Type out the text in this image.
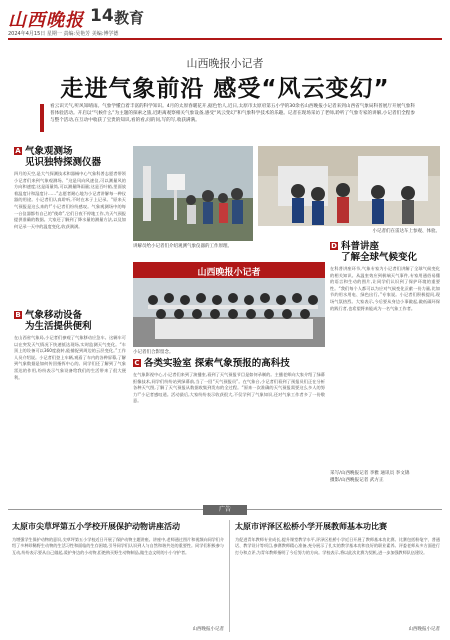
山西晚报 14 教育
2024年4月15日 星期一 责编:吴艳芳 美编:傅学德
山西晚报小记者
走进气象前沿 感受“风云变幻”
看云识天气,听风知晴雨。气象学懂自着丰富的科学知识。4月的太原春暖花开,据色怡人,近日,太原市太原府第五小学的30余名山西晚报小记者来到山西省气象局科普展厅开展气象科普体验活动。开启以“气候什么”为主题的探索之旅,近距离观察相关气象设备,感受“风云变幻”和气象科学技术的乐趣。记者在现场采访了老师,聆听了气象专家的讲解,小记者们全程参与整个活动,在互动中收获了宝贵的知识,看的看,问的问,写的写,收获满满。
A 气象观测场
见识独特探测仪器
四月的天空,是大气探测技术和器械中心气象科普志愿者带领小记者们来到气象观测场。“这是风向风速仪,可以测量风的方向和速度;这是雨量筒,可以测量降雨量;这是百叶箱,里面放着温度计和湿度计……”志愿者耐心地为小记者讲解每一种仪器的用途。小记者们认真聆听,不时在本子上记录。“原来天气预报是这么来的!”小记者们纷纷感叹。气象观测场中的每一台仪器都有自己的“使命”,它们日夜不停地工作,为天气预报提供准确的数据。大家还了解到了降水量的测量方法,以及如何记录一天中的温度变化,收获满满。
讲解员给小记者们介绍观测气象仪器的工作原理。
小记者们在雷达车上参观、体验。
D 科普讲座
了解全球气候变化
在科普讲座环节,气象专家为小记者们讲解了全球气候变化的相关知识。从温室效应到极端天气事件,专家用通俗易懂的语言和生动的图片,让同学们认识到了保护环境的重要性。“我们每个人都可以为应对气候变化贡献一份力量,比如节约用水用电、绿色出行。”专家说。小记者们积极提问,现场气氛热烈。大家表示,今后要从身边小事做起,做低碳环保的践行者,也希望将来能成为一名气象工作者。
山西晚报小记者
小记者们合影留念。
B 气象移动设备
为生活提供便利
在山西省气象局,小记者们参观了气象移动应急车。这辆车可以在突发天气情况下快速抵达现场,实时监测天气变化。“车顶上的设备可以360度旋转,能捕捉到周边的云层变化。”工作人员介绍说。小记者们登上车辆,观看了车内的各种屏幕,了解到气象数据是如何传回指挥中心的。同学们还了解到了气象雷达的作用,纷纷表示气象设备给我们的生活带来了很大便利。
C 各类实验室 探索气象预报的高科技
在气象影视中心,小记者们来到了演播室,看到了天气预报节目是如何录制的。主播老师向大家介绍了绿幕抠像技术,同学们纷纷站到绿幕前,当了一回“天气预报员”。在气象台,小记者们看到了预报员们正在分析各种天气图,了解了天气预报从数据收集到发布的全过程。“原来一次准确的天气预报需要这么多人的努力!”小记者感叹道。活动最后,大家纷纷表示收获很大,不仅学到了气象知识,还对气象工作者多了一份敬意。
采写/山西晚报记者 李雅 通讯员 李文锦
摄影/山西晚报记者 武方正
广告
太原市尖草坪第五小学校开展保护动物讲座活动
为增强学生保护动物的意识,尖草坪第五小学校近日开展了保护动物主题讲座。讲座中,老师通过图片和视频向同学们介绍了多种珍稀野生动物的生活习性和面临的生存困境,引导同学们认识到人与自然和谐共处的重要性。同学们积极参与互动,纷纷表示要从自己做起,爱护身边的小动物,拒绝购买野生动物制品,做生态文明的小小守护者。
山西晚报小记者
太原市评泽区松桥小学开展教师基本功比赛
为促进青年教师专业成长,提升课堂教学水平,评泽区松桥小学近日开展了教师基本功比赛。比赛包括粉笔字、普通话、教学设计等项目,参赛教师精心准备,充分展示了扎实的教学基本功和良好的职业素养。评委老师从多方面进行打分和点评,为青年教师指明了今后努力的方向。学校表示,将以此次比赛为契机,进一步加强教师队伍建设。
山西晚报小记者
